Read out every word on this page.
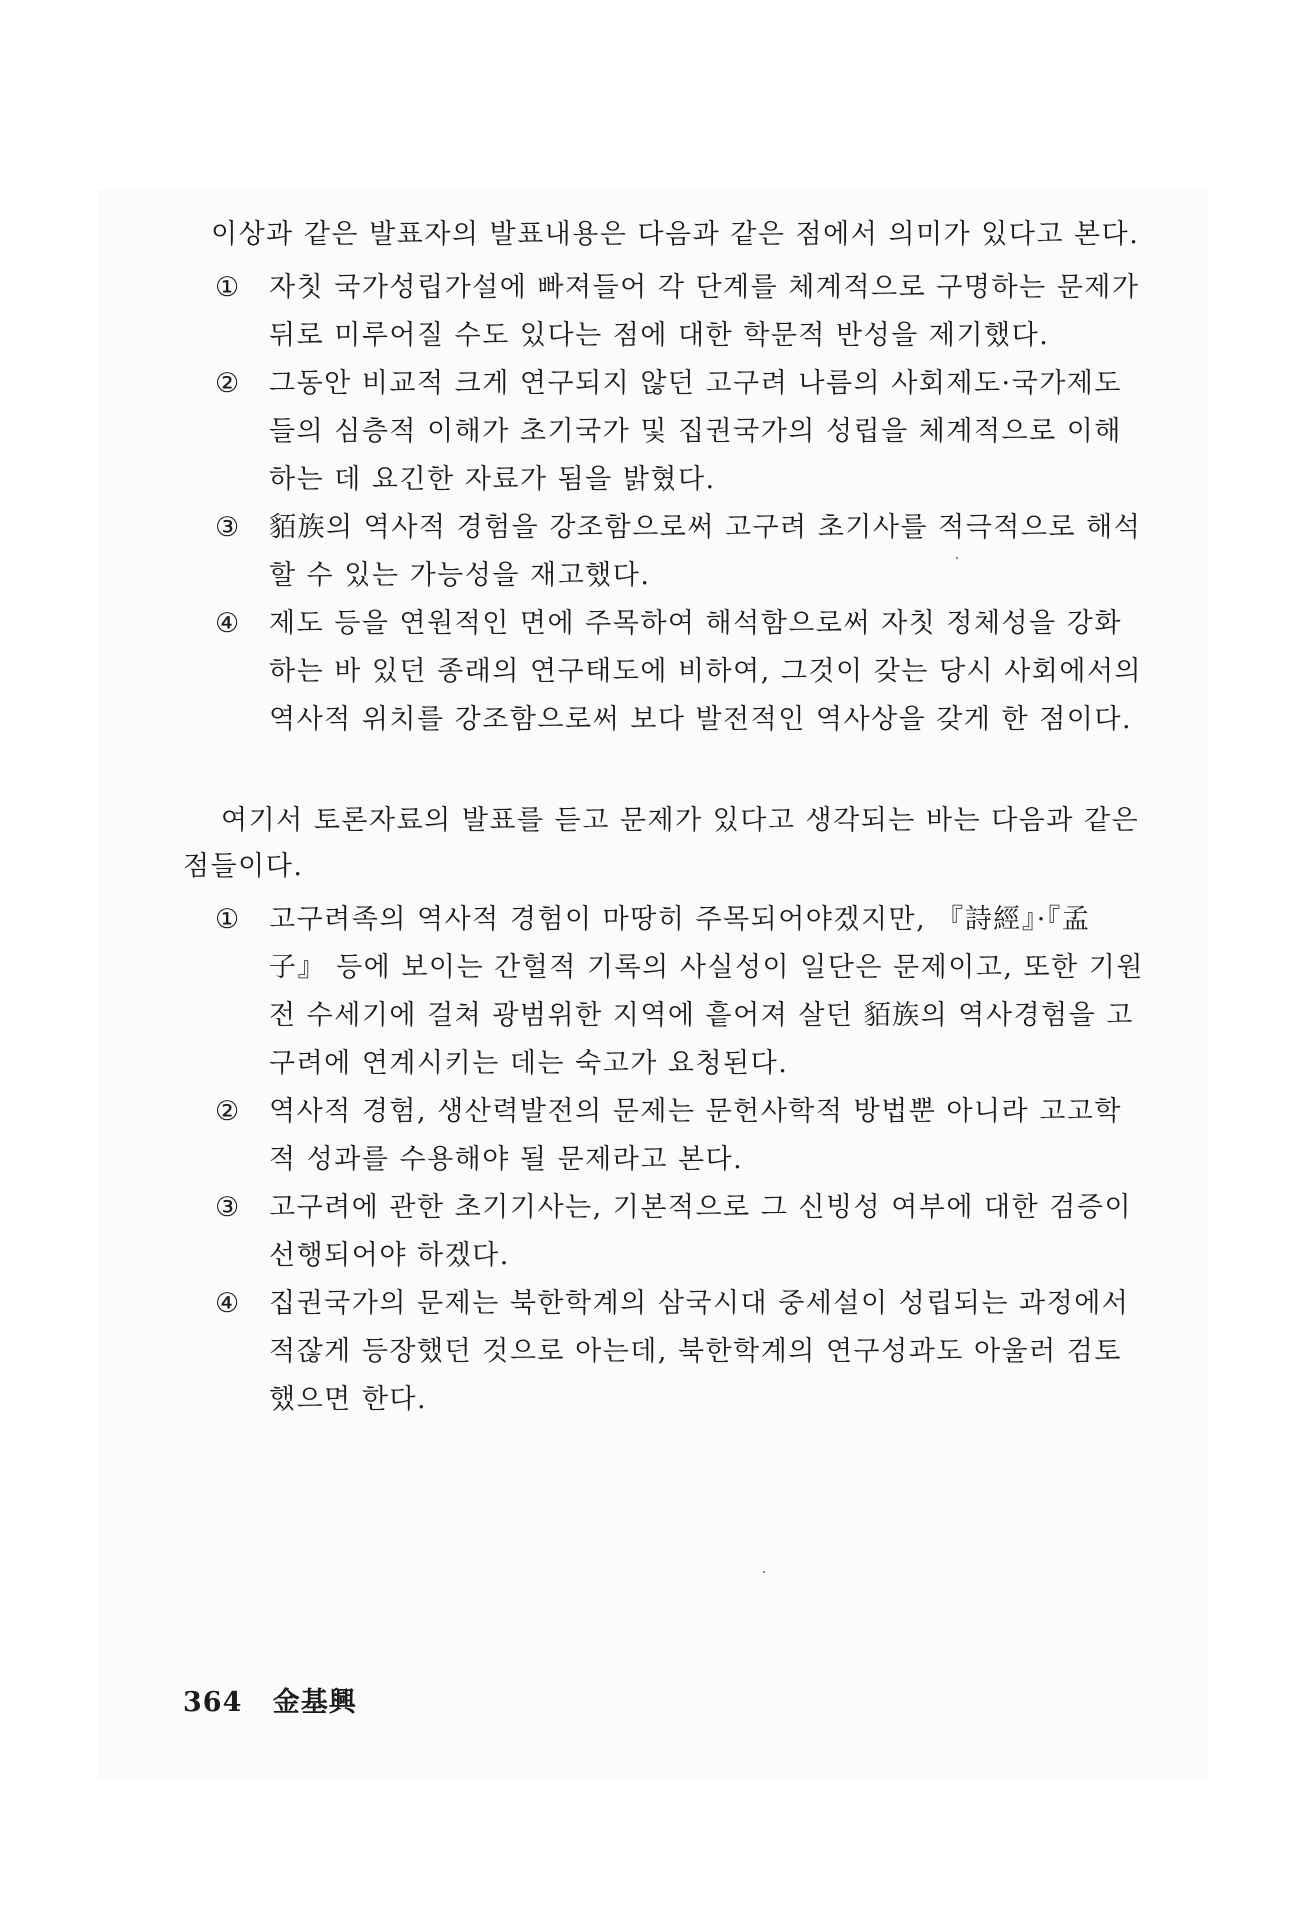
이상과 같은 발표자의 발표내용은 다음과 같은 점에서 의미가 있다고 본다.
① 자칫 국가성립가설에 빠져들어 각 단계를 체계적으로 구명하는 문제가 뒤로 미루어질 수도 있다는 점에 대한 학문적 반성을 제기했다.
② 그동안 비교적 크게 연구되지 않던 고구려 나름의 사회제도·국가제도들의 심층적 이해가 초기국가 및 집권국가의 성립을 체계적으로 이해하는 데 요긴한 자료가 됨을 밝혔다.
③ 貊族의 역사적 경험을 강조함으로써 고구려 초기사를 적극적으로 해석할 수 있는 가능성을 재고했다.
④ 제도 등을 연원적인 면에 주목하여 해석함으로써 자칫 정체성을 강화하는 바 있던 종래의 연구태도에 비하여, 그것이 갖는 당시 사회에서의 역사적 위치를 강조함으로써 보다 발전적인 역사상을 갖게 한 점이다.
여기서 토론자료의 발표를 듣고 문제가 있다고 생각되는 바는 다음과 같은 점들이다.
① 고구려족의 역사적 경험이 마땅히 주목되어야겠지만, 『詩經』·『孟子』 등에 보이는 간헐적 기록의 사실성이 일단은 문제이고, 또한 기원전 수세기에 걸쳐 광범위한 지역에 흩어져 살던 貊族의 역사경험을 고구려에 연계시키는 데는 숙고가 요청된다.
② 역사적 경험, 생산력발전의 문제는 문헌사학적 방법뿐 아니라 고고학적 성과를 수용해야 될 문제라고 본다.
③ 고구려에 관한 초기기사는, 기본적으로 그 신빙성 여부에 대한 검증이 선행되어야 하겠다.
④ 집권국가의 문제는 북한학계의 삼국시대 중세설이 성립되는 과정에서 적잖게 등장했던 것으로 아는데, 북한학계의 연구성과도 아울러 검토했으면 한다.
364 金基興
